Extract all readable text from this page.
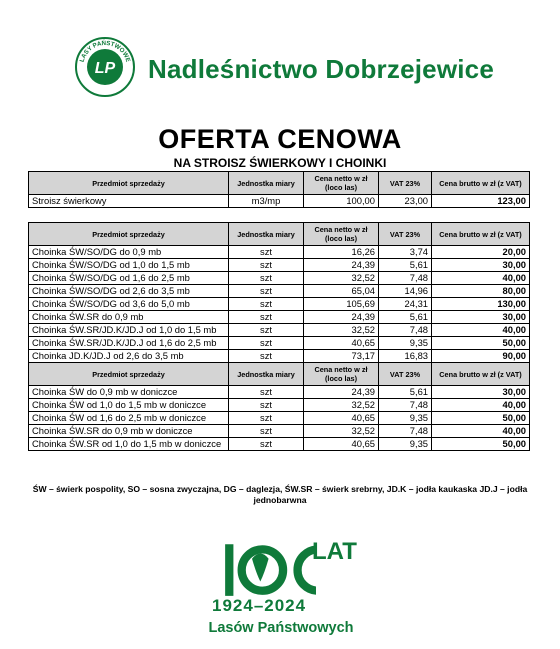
LASY PAŃSTWOWE
LP Nadleśnictwo Dobrzejewice
OFERTA CENOWA
NA STROISZ ŚWIERKOWY I CHOINKI
Przedmiot sprzedaży	Jednostka miary	Cena netto w zł (loco las)	VAT 23%	Cena brutto w zł (z VAT)
Stroisz świerkowy	m3/mp	100,00	23,00	123,00
Przedmiot sprzedaży	Jednostka miary	Cena netto w zł (loco las)	VAT 23%	Cena brutto w zł (z VAT)
Choinka ŚW/SO/DG do 0,9 mb	szt	16,26	3,74	20,00
Choinka ŚW/SO/DG od 1,0 do 1,5 mb	szt	24,39	5,61	30,00
Choinka ŚW/SO/DG od 1,6 do 2,5 mb	szt	32,52	7,48	40,00
Choinka ŚW/SO/DG od 2,6 do 3,5 mb	szt	65,04	14,96	80,00
Choinka ŚW/SO/DG od 3,6 do 5,0 mb	szt	105,69	24,31	130,00
Choinka ŚW.SR do 0,9 mb	szt	24,39	5,61	30,00
Choinka ŚW.SR/JD.K/JD.J od 1,0 do 1,5 mb	szt	32,52	7,48	40,00
Choinka ŚW.SR/JD.K/JD.J od 1,6 do 2,5 mb	szt	40,65	9,35	50,00
Choinka JD.K/JD.J od 2,6 do 3,5 mb	szt	73,17	16,83	90,00
Przedmiot sprzedaży	Jednostka miary	Cena netto w zł (loco las)	VAT 23%	Cena brutto w zł (z VAT)
Choinka ŚW do 0,9 mb w doniczce	szt	24,39	5,61	30,00
Choinka ŚW od 1,0 do 1,5 mb w doniczce	szt	32,52	7,48	40,00
Choinka ŚW od 1,6 do 2,5 mb w doniczce	szt	40,65	9,35	50,00
Choinka ŚW.SR do 0,9 mb w doniczce	szt	32,52	7,48	40,00
Choinka ŚW.SR od 1,0 do 1,5 mb w doniczce	szt	40,65	9,35	50,00
ŚW – świerk pospolity, SO – sosna zwyczajna, DG – daglezja, ŚW.SR – świerk srebrny, JD.K – jodła kaukaska JD.J – jodła jednobarwna
LAT
1924–2024
Lasów Państwowych
